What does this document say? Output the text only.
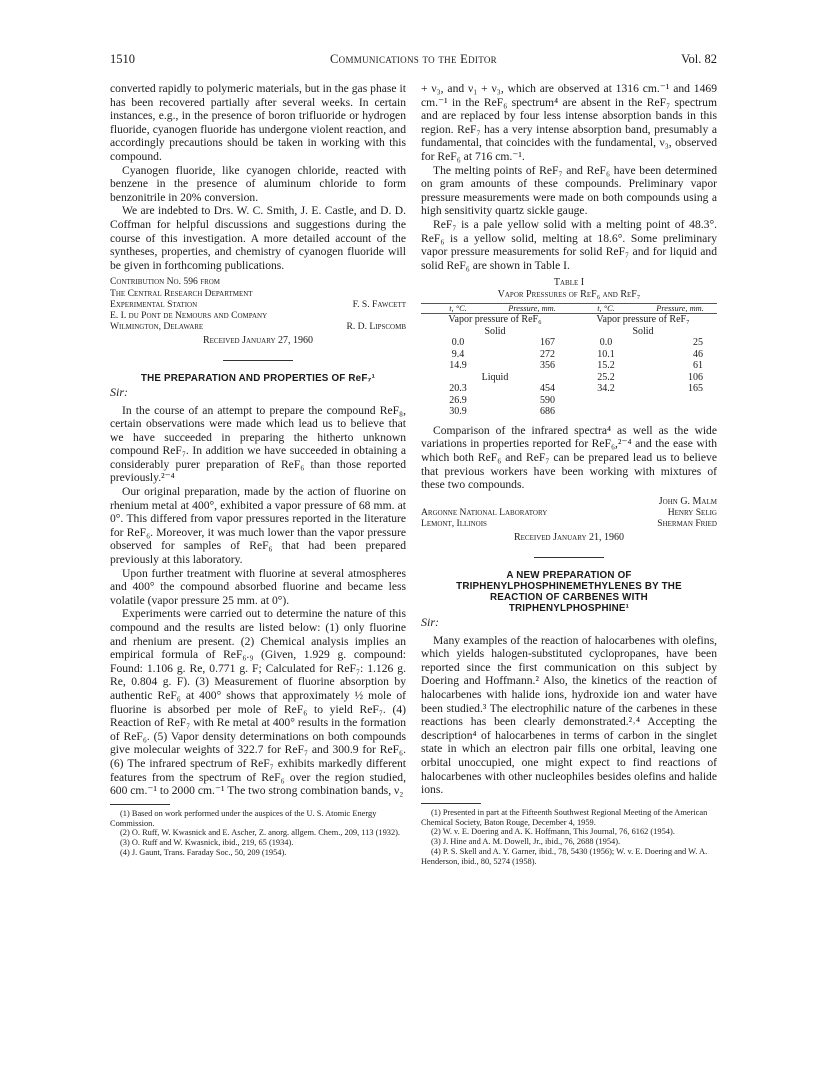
1510	Communications to the Editor	Vol. 82

converted rapidly to polymeric materials, but in the gas phase it has been recovered partially after several weeks. In certain instances, e.g., in the presence of boron trifluoride or hydrogen fluoride, cyanogen fluoride has undergone violent reaction, and accordingly precautions should be taken in working with this compound.

Cyanogen fluoride, like cyanogen chloride, reacted with benzene in the presence of aluminum chloride to form benzonitrile in 20% conversion.

We are indebted to Drs. W. C. Smith, J. E. Castle, and D. D. Coffman for helpful discussions and suggestions during the course of this investigation. A more detailed account of the syntheses, properties, and chemistry of cyanogen fluoride will be given in forthcoming publications.

Contribution No. 596 from
The Central Research Department
Experimental Station	F. S. Fawcett
E. I. du Pont de Nemours and Company
Wilmington, Delaware	R. D. Lipscomb
Received January 27, 1960
THE PREPARATION AND PROPERTIES OF ReF₇¹
Sir:

In the course of an attempt to prepare the compound ReF₈, certain observations were made which lead us to believe that we have succeeded in preparing the hitherto unknown compound ReF₇. In addition we have succeeded in obtaining a considerably purer preparation of ReF₆ than those reported previously.²⁻⁴

Our original preparation, made by the action of fluorine on rhenium metal at 400°, exhibited a vapor pressure of 68 mm. at 0°. This differed from vapor pressures reported in the literature for ReF₆. Moreover, it was much lower than the vapor pressure observed for samples of ReF₆ that had been prepared previously at this laboratory.

Upon further treatment with fluorine at several atmospheres and 400° the compound absorbed fluorine and became less volatile (vapor pressure 25 mm. at 0°).

Experiments were carried out to determine the nature of this compound and the results are listed below: (1) only fluorine and rhenium are present. (2) Chemical analysis implies an empirical formula of ReF₆.₉ (Given, 1.929 g. compound: Found: 1.106 g. Re, 0.771 g. F; Calculated for ReF₇: 1.126 g. Re, 0.804 g. F). (3) Measurement of fluorine absorption by authentic ReF₆ at 400° shows that approximately ½ mole of fluorine is absorbed per mole of ReF₆ to yield ReF₇. (4) Reaction of ReF₇ with Re metal at 400° results in the formation of ReF₆. (5) Vapor density determinations on both compounds give molecular weights of 322.7 for ReF₇ and 300.9 for ReF₆. (6) The infrared spectrum of ReF₇ exhibits markedly different features from the spectrum of ReF₆ over the region studied, 600 cm.⁻¹ to 2000 cm.⁻¹ The two strong combination bands, ν₂

(1) Based on work performed under the auspices of the U. S. Atomic Energy Commission.
(2) O. Ruff, W. Kwasnick and E. Ascher, Z. anorg. allgem. Chem., 209, 113 (1932).
(3) O. Ruff and W. Kwasnick, ibid., 219, 65 (1934).
(4) J. Gaunt, Trans. Faraday Soc., 50, 209 (1954).

+ ν₃, and ν₁ + ν₃, which are observed at 1316 cm.⁻¹ and 1469 cm.⁻¹ in the ReF₆ spectrum⁴ are absent in the ReF₇ spectrum and are replaced by four less intense absorption bands in this region. ReF₇ has a very intense absorption band, presumably a fundamental, that coincides with the fundamental, ν₃, observed for ReF₆ at 716 cm.⁻¹.

The melting points of ReF₇ and ReF₆ have been determined on gram amounts of these compounds. Preliminary vapor pressure measurements were made on both compounds using a high sensitivity quartz sickle gauge.

ReF₇ is a pale yellow solid with a melting point of 48.3°. ReF₆ is a yellow solid, melting at 18.6°. Some preliminary vapor pressure measurements for solid ReF₇ and for liquid and solid ReF₆ are shown in Table I.

Table I
Vapor Pressures of ReF₆ and ReF₇
t, °C.	Pressure, mm.	t, °C.	Pressure, mm.
Vapor pressure of ReF₆		Vapor pressure of ReF₇	
Solid		Solid	
0.0	167	0.0	25
9.4	272	10.1	46
14.9	356	15.2	61
Liquid		25.2	106
20.3	454	34.2	165
26.9	590		
30.9	686		

Comparison of the infrared spectra⁴ as well as the wide variations in properties reported for ReF₆,²⁻⁴ and the ease with which both ReF₆ and ReF₇ can be prepared lead us to believe that previous workers have been working with mixtures of these two compounds.

John G. Malm
Argonne National Laboratory	Henry Selig
Lemont, Illinois	Sherman Fried
Received January 21, 1960
A NEW PREPARATION OF
TRIPHENYLPHOSPHINEMETHYLENES BY THE
REACTION OF CARBENES WITH
TRIPHENYLPHOSPHINE¹
Sir:

Many examples of the reaction of halocarbenes with olefins, which yields halogen-substituted cyclopropanes, have been reported since the first communication on this subject by Doering and Hoffmann.² Also, the kinetics of the reaction of halocarbenes with halide ions, hydroxide ion and water have been studied.³ The electrophilic nature of the carbenes in these reactions has been clearly demonstrated.²˒⁴ Accepting the description⁴ of halocarbenes in terms of carbon in the singlet state in which an electron pair fills one orbital, leaving one orbital unoccupied, one might expect to find reactions of halocarbenes with other nucleophiles besides olefins and halide ions.

(1) Presented in part at the Fifteenth Southwest Regional Meeting of the American Chemical Society, Baton Rouge, December 4, 1959.
(2) W. v. E. Doering and A. K. Hoffmann, This Journal, 76, 6162 (1954).
(3) J. Hine and A. M. Dowell, Jr., ibid., 76, 2688 (1954).
(4) P. S. Skell and A. Y. Garner, ibid., 78, 5430 (1956); W. v. E. Doering and W. A. Henderson, ibid., 80, 5274 (1958).
